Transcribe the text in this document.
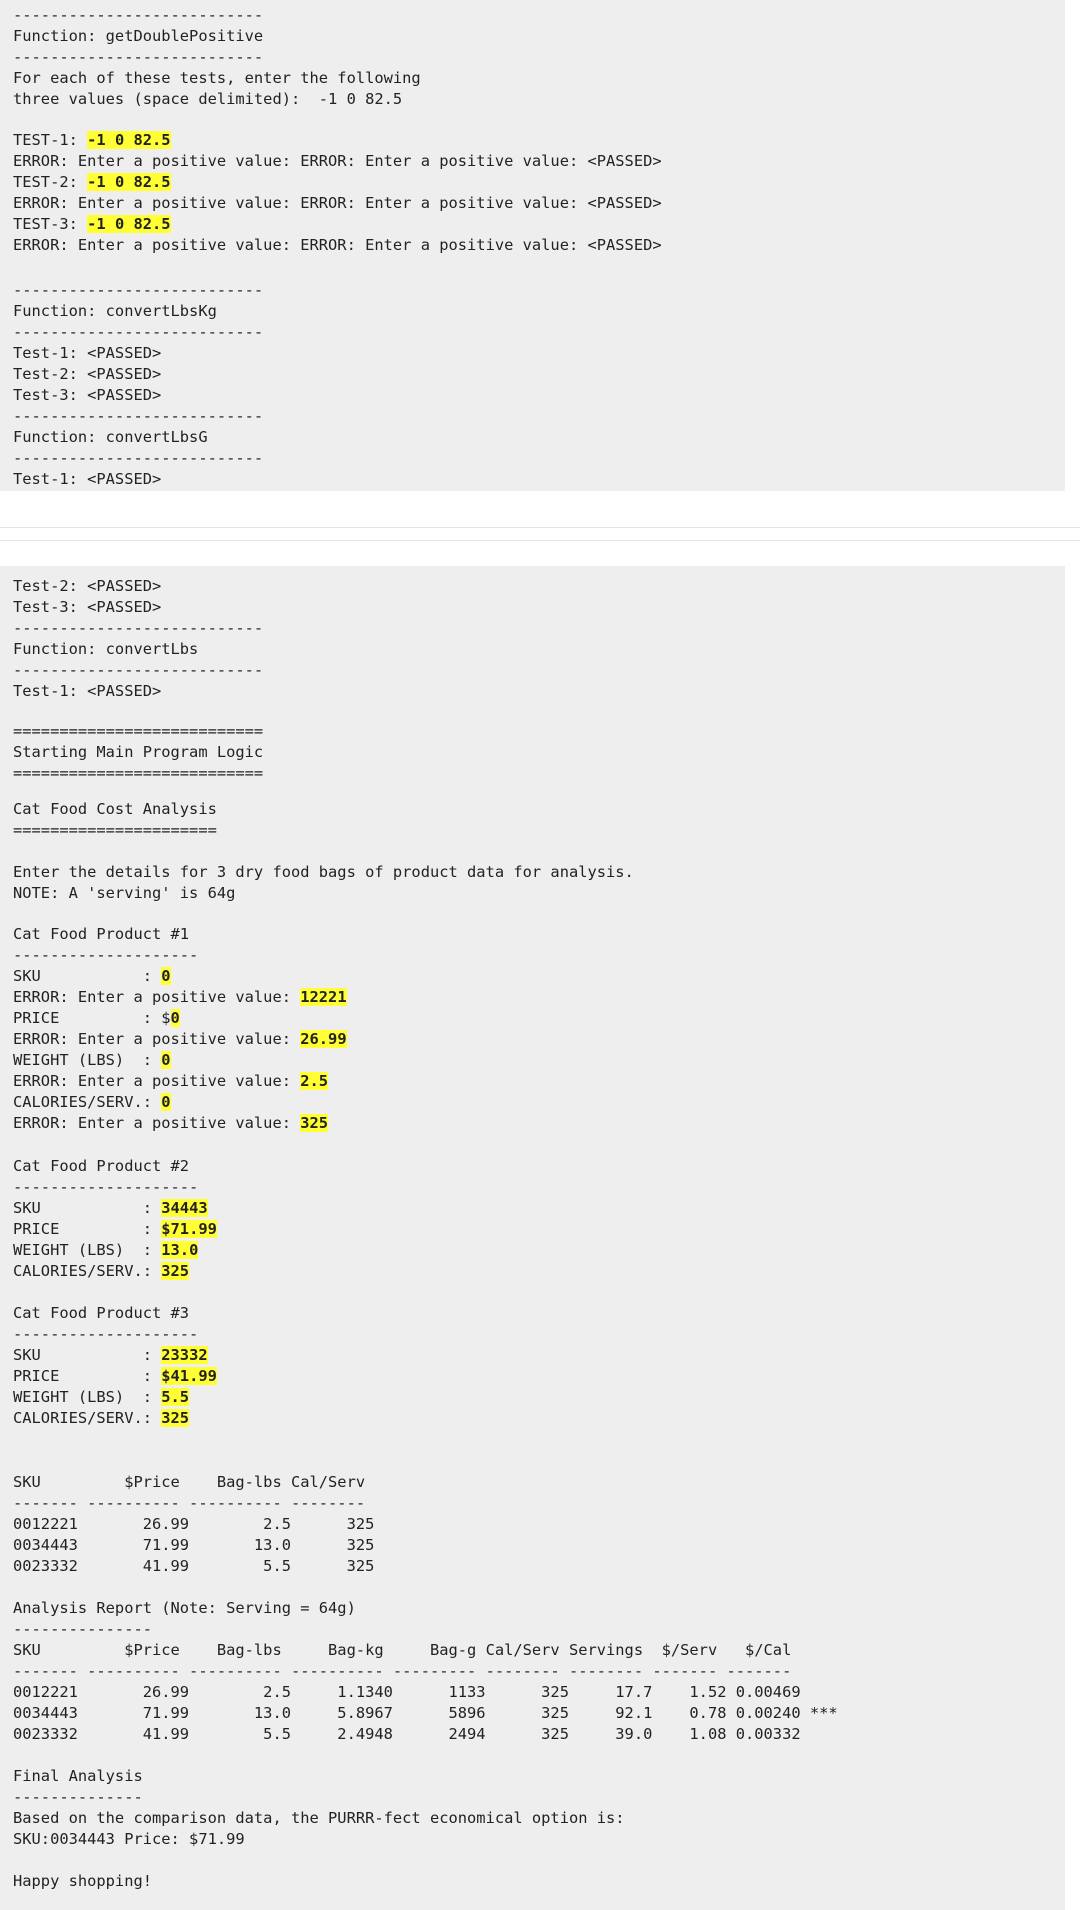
---------------------------
Function: getDoublePositive
---------------------------
For each of these tests, enter the following
three values (space delimited):  -1 0 82.5
TEST-1: -1 0 82.5
ERROR: Enter a positive value: ERROR: Enter a positive value: <PASSED>
TEST-2: -1 0 82.5
ERROR: Enter a positive value: ERROR: Enter a positive value: <PASSED>
TEST-3: -1 0 82.5
ERROR: Enter a positive value: ERROR: Enter a positive value: <PASSED>
---------------------------
Function: convertLbsKg
---------------------------
Test-1: <PASSED>
Test-2: <PASSED>
Test-3: <PASSED>
---------------------------
Function: convertLbsG
---------------------------
Test-1: <PASSED>
Test-2: <PASSED>
Test-3: <PASSED>
---------------------------
Function: convertLbs
---------------------------
Test-1: <PASSED>
===========================
Starting Main Program Logic
===========================
Cat Food Cost Analysis
======================
Enter the details for 3 dry food bags of product data for analysis.
NOTE: A 'serving' is 64g
Cat Food Product #1
--------------------
SKU           : 0
ERROR: Enter a positive value: 12221
PRICE         : $0
ERROR: Enter a positive value: 26.99
WEIGHT (LBS)  : 0
ERROR: Enter a positive value: 2.5
CALORIES/SERV.: 0
ERROR: Enter a positive value: 325
Cat Food Product #2
--------------------
SKU           : 34443
PRICE         : $71.99
WEIGHT (LBS)  : 13.0
CALORIES/SERV.: 325
Cat Food Product #3
--------------------
SKU           : 23332
PRICE         : $41.99
WEIGHT (LBS)  : 5.5
CALORIES/SERV.: 325
SKU         $Price    Bag-lbs Cal/Serv
------- ---------- ---------- --------
0012221       26.99        2.5      325
0034443       71.99       13.0      325
0023332       41.99        5.5      325
Analysis Report (Note: Serving = 64g)
---------------
SKU         $Price    Bag-lbs     Bag-kg     Bag-g Cal/Serv Servings  $/Serv   $/Cal
------- ---------- ---------- ---------- --------- -------- -------- ------- -------
0012221       26.99        2.5     1.1340      1133      325     17.7    1.52 0.00469
0034443       71.99       13.0     5.8967      5896      325     92.1    0.78 0.00240 ***
0023332       41.99        5.5     2.4948      2494      325     39.0    1.08 0.00332
Final Analysis
--------------
Based on the comparison data, the PURRR-fect economical option is:
SKU:0034443 Price: $71.99
Happy shopping!
